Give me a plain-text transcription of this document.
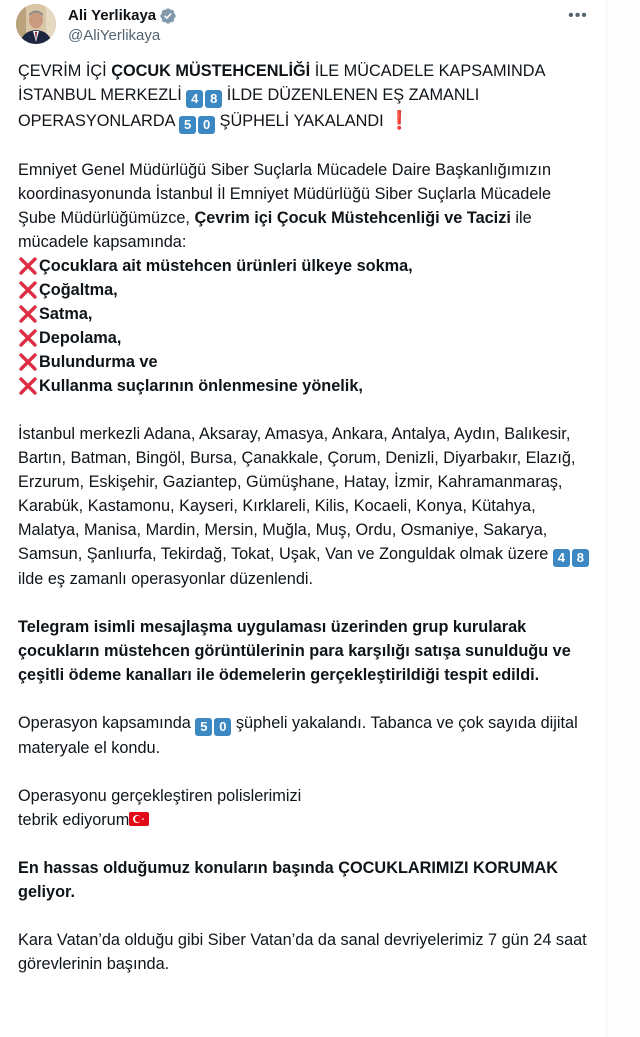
Ali Yerlikaya
@AliYerlikaya
•••

ÇEVRİM İÇİ ÇOCUK MÜSTEHCENLİĞİ İLE MÜCADELE KAPSAMINDA
İSTANBUL MERKEZLİ 4 8 İLDE DÜZENLENEN EŞ ZAMANLI
OPERASYONLARDA 5 0 ŞÜPHELİ YAKALANDI ❗

Emniyet Genel Müdürlüğü Siber Suçlarla Mücadele Daire Başkanlığımızın koordinasyonunda İstanbul İl Emniyet Müdürlüğü Siber Suçlarla Mücadele Şube Müdürlüğümüzce, Çevrim içi Çocuk Müstehcenliği ve Tacizi ile mücadele kapsamında:

Çocuklara ait müstehcen ürünleri ülkeye sokma,
Çoğaltma,
Satma,
Depolama,
Bulundurma ve
Kullanma suçlarının önlenmesine yönelik,

İstanbul merkezli Adana, Aksaray, Amasya, Ankara, Antalya, Aydın, Balıkesir, Bartın, Batman, Bingöl, Bursa, Çanakkale, Çorum, Denizli, Diyarbakır, Elazığ, Erzurum, Eskişehir, Gaziantep, Gümüşhane, Hatay, İzmir, Kahramanmaraş, Karabük, Kastamonu, Kayseri, Kırklareli, Kilis, Kocaeli, Konya, Kütahya, Malatya, Manisa, Mardin, Mersin, Muğla, Muş, Ordu, Osmaniye, Sakarya, Samsun, Şanlıurfa, Tekirdağ, Tokat, Uşak, Van ve Zonguldak olmak üzere 4 8 ilde eş zamanlı operasyonlar düzenlendi.

Telegram isimli mesajlaşma uygulaması üzerinden grup kurularak çocukların müstehcen görüntülerinin para karşılığı satışa sunulduğu ve çeşitli ödeme kanalları ile ödemelerin gerçekleştirildiği tespit edildi.

Operasyon kapsamında 5 0 şüpheli yakalandı. Tabanca ve çok sayıda dijital materyale el kondu.

Operasyonu gerçekleştiren polislerimizi
tebrik ediyorum

En hassas olduğumuz konuların başında ÇOCUKLARIMIZI KORUMAK geliyor.

Kara Vatan’da olduğu gibi Siber Vatan’da da sanal devriyelerimiz 7 gün 24 saat görevlerinin başında.
